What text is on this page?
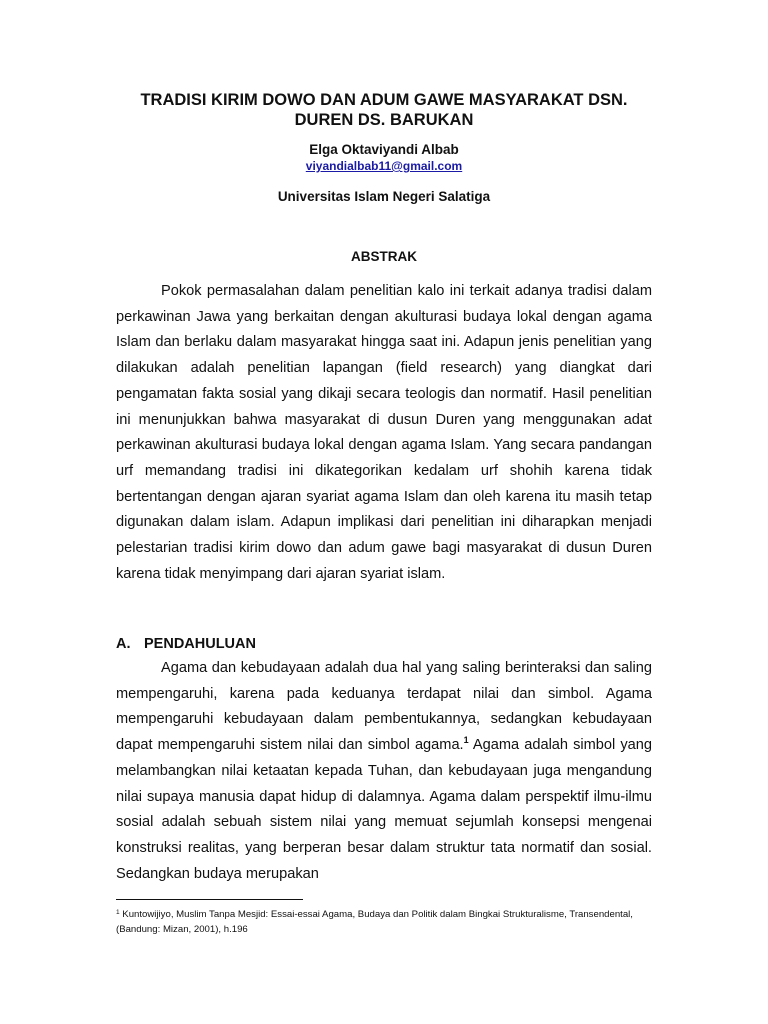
TRADISI KIRIM DOWO DAN ADUM GAWE MASYARAKAT DSN.
DUREN DS. BARUKAN
Elga Oktaviyandi Albab
viyandialbab11@gmail.com
Universitas Islam Negeri Salatiga
ABSTRAK

Pokok permasalahan dalam penelitian kalo ini terkait adanya tradisi dalam perkawinan Jawa yang berkaitan dengan akulturasi budaya lokal dengan agama Islam dan berlaku dalam masyarakat hingga saat ini. Adapun jenis penelitian yang dilakukan adalah penelitian lapangan (field research) yang diangkat dari pengamatan fakta sosial yang dikaji secara teologis dan normatif. Hasil penelitian ini menunjukkan bahwa masyarakat di dusun Duren yang menggunakan adat perkawinan akulturasi budaya lokal dengan agama Islam. Yang secara pandangan urf memandang tradisi ini dikategorikan kedalam urf shohih karena tidak bertentangan dengan ajaran syariat agama Islam dan oleh karena itu masih tetap digunakan dalam islam. Adapun implikasi dari penelitian ini diharapkan menjadi pelestarian tradisi kirim dowo dan adum gawe bagi masyarakat di dusun Duren karena tidak menyimpang dari ajaran syariat islam.

A. PENDAHULUAN

Agama dan kebudayaan adalah dua hal yang saling berinteraksi dan saling mempengaruhi, karena pada keduanya terdapat nilai dan simbol. Agama mempengaruhi kebudayaan dalam pembentukannya, sedangkan kebudayaan dapat mempengaruhi sistem nilai dan simbol agama.$^1$ Agama adalah simbol yang melambangkan nilai ketaatan kepada Tuhan, dan kebudayaan juga mengandung nilai supaya manusia dapat hidup di dalamnya. Agama dalam perspektif ilmu-ilmu sosial adalah sebuah sistem nilai yang memuat sejumlah konsepsi mengenai konstruksi realitas, yang berperan besar dalam struktur tata normatif dan sosial. Sedangkan budaya merupakan

$^1$ Kuntowijiyo, Muslim Tanpa Mesjid: Essai-essai Agama, Budaya dan Politik dalam Bingkai Strukturalisme, Transendental, (Bandung: Mizan, 2001), h.196
